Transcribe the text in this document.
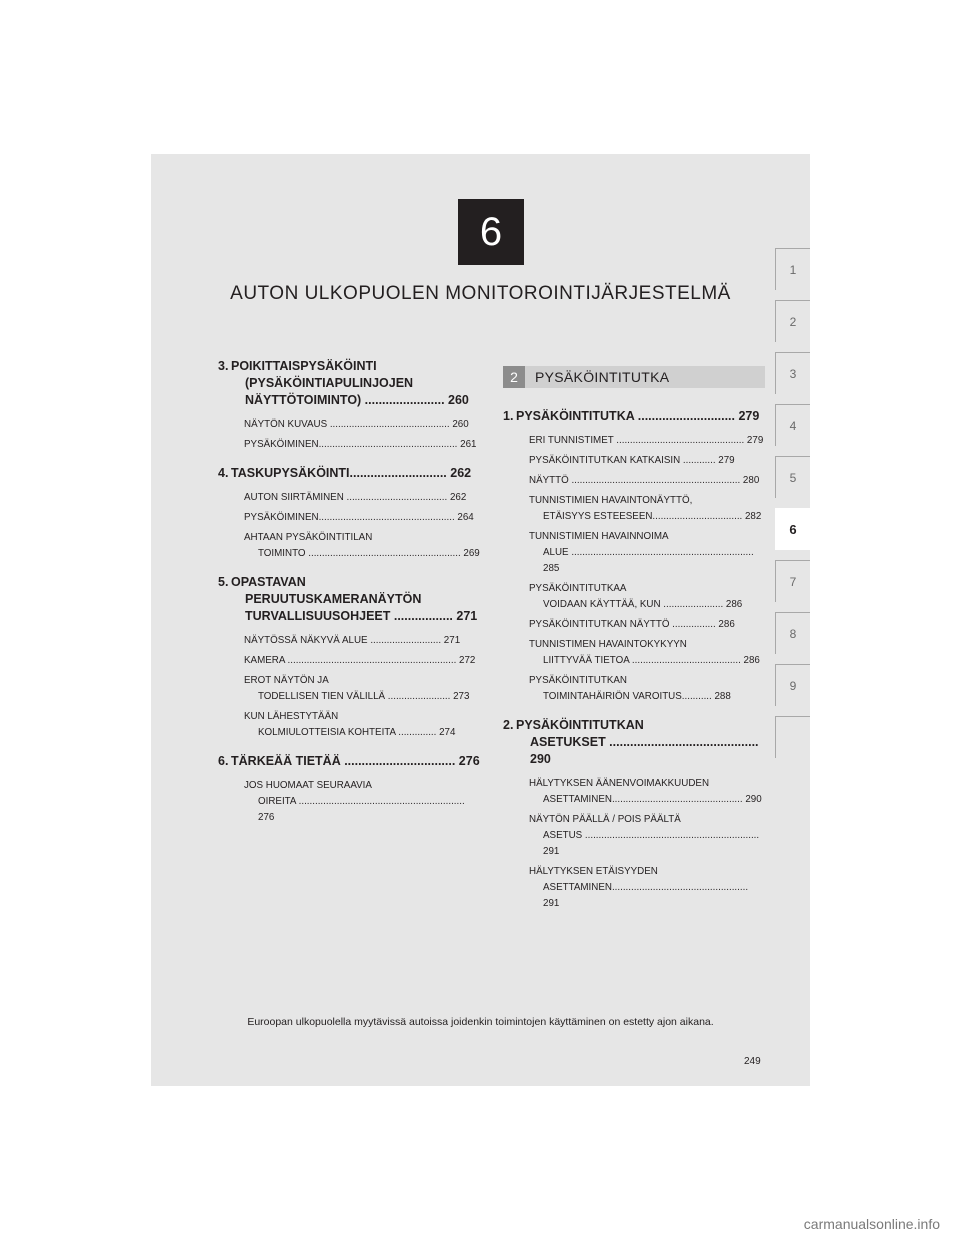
6
AUTON ULKOPUOLEN MONITOROINTIJÄRJESTELMÄ
1
2
3
4
5
6
7
8
9
3. POIKITTAISPYSÄKÖINTI
(PYSÄKÖINTIAPULINJOJEN
NÄYTTÖTOIMINTO) ....................... 260
NÄYTÖN KUVAUS ............................................ 260
PYSÄKÖIMINEN................................................... 261
4. TASKUPYSÄKÖINTI............................ 262
AUTON SIIRTÄMINEN ..................................... 262
PYSÄKÖIMINEN.................................................. 264
AHTAAN PYSÄKÖINTITILAN
TOIMINTO ........................................................ 269
5. OPASTAVAN
PERUUTUSKAMERANÄYTÖN
TURVALLISUUSOHJEET ................. 271
NÄYTÖSSÄ NÄKYVÄ ALUE .......................... 271
KAMERA .............................................................. 272
EROT NÄYTÖN JA
TODELLISEN TIEN VÄLILLÄ ....................... 273
KUN LÄHESTYTÄÄN
KOLMIULOTTEISIA KOHTEITA .............. 274
6. TÄRKEÄÄ TIETÄÄ ................................ 276
JOS HUOMAAT SEURAAVIA
OIREITA ............................................................. 276
2	PYSÄKÖINTITUTKA
1. PYSÄKÖINTITUTKA ............................ 279
ERI TUNNISTIMET ............................................... 279
PYSÄKÖINTITUTKAN KATKAISIN ............ 279
NÄYTTÖ .............................................................. 280
TUNNISTIMIEN HAVAINTONÄYTTÖ,
ETÄISYYS ESTEESEEN................................. 282
TUNNISTIMIEN HAVAINNOIMA
ALUE ................................................................... 285
PYSÄKÖINTITUTKAA
VOIDAAN KÄYTTÄÄ, KUN ...................... 286
PYSÄKÖINTITUTKAN NÄYTTÖ ................ 286
TUNNISTIMEN HAVAINTOKYKYYN
LIITTYVÄÄ TIETOA ........................................ 286
PYSÄKÖINTITUTKAN
TOIMINTAHÄIRIÖN VAROITUS........... 288
2. PYSÄKÖINTITUTKAN
ASETUKSET ........................................... 290
HÄLYTYKSEN ÄÄNENVOIMAKKUUDEN
ASETTAMINEN................................................ 290
NÄYTÖN PÄÄLLÄ / POIS PÄÄLTÄ
ASETUS ................................................................ 291
HÄLYTYKSEN ETÄISYYDEN
ASETTAMINEN.................................................. 291
Euroopan ulkopuolella myytävissä autoissa joidenkin toimintojen käyttäminen on estetty ajon aikana.
249
carmanualsonline.info
